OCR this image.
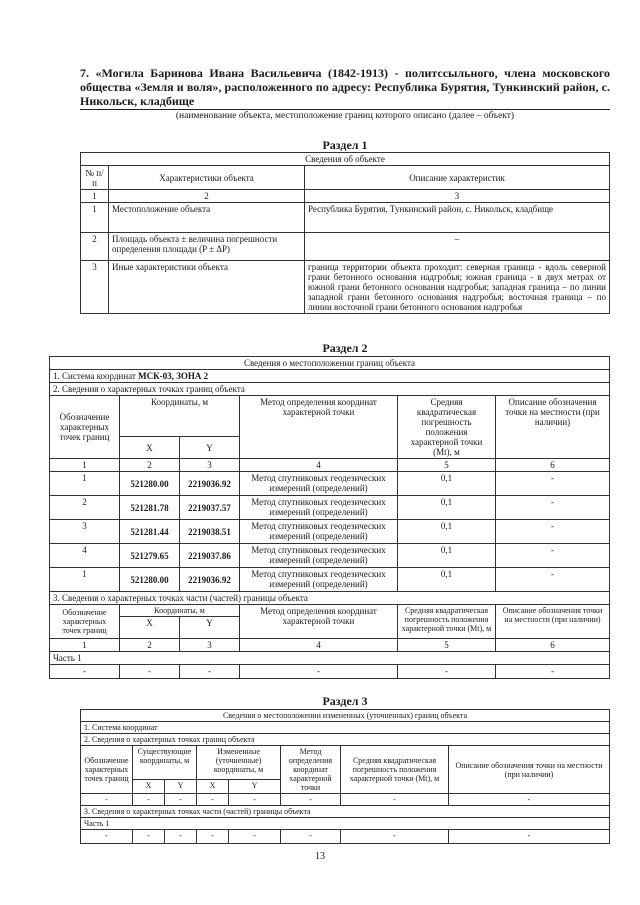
7. «Могила Баринова Ивана Васильевича (1842-1913) - политссыльного, члена московского общества «Земля и воля», расположенного по адресу: Республика Бурятия, Тункинский район, с. Никольск, кладбище
(наименование объекта, местоположение границ которого описано (далее – объект)
Раздел 1
Сведения об объекте		
№ п/п	Характеристики объекта	Описание характеристик
1	2	3
1	Местоположение объекта	Республика Бурятия, Тункинский район, с. Никольск, кладбище
2	Площадь объекта ± величина погрешности определения площади (P ± ΔP)	–
3	Иные характеристики объекта	граница территории объекта проходит: северная граница - вдоль северной грани бетонного основания надгробья; южная граница - в двух метрах от южной грани бетонного основания надгробья; западная граница – по линии западной грани бетонного основания надгробья; восточная граница – по линии восточной грани бетонного основания надгробья
Раздел 2
Сведения о местоположении границ объекта					
1. Система координат МСК-03, ЗОНА 2					
2. Сведения о характерных точках границ объекта					
Обозначение характерных точек границ	Координаты, м		Метод определения координат характерной точки	Средняя квадратическая погрешность положения характерной точки (Mt), м	Описание обозначения точки на местности (при наличии)
	X	Y			
1	2	3	4	5	6
1	521280.00	2219036.92	Метод спутниковых геодезических измерений (определений)	0,1	-
2	521281.78	2219037.57	Метод спутниковых геодезических измерений (определений)	0,1	-
3	521281.44	2219038.51	Метод спутниковых геодезических измерений (определений)	0,1	-
4	521279.65	2219037.86	Метод спутниковых геодезических измерений (определений)	0,1	-
1	521280.00	2219036.92	Метод спутниковых геодезических измерений (определений)	0,1	-
3. Сведения о характерных точках части (частей) границы объекта					
Обозначение характерных точек границ	Координаты, м		Метод определения координат характерной точки	Средняя квадратическая погрешность положения характерной точки (Mt), м	Описание обозначения точки на местности (при наличии)
	X	Y			
1	2	3	4	5	6
Часть 1					
-	-	-	-	-	-
Раздел 3
Сведения о местоположении измененных (уточненных) границ объекта							
1. Система координат							
2. Сведения о характерных точках границ объекта							
Обозначение характерных точек границ	Существующие координаты, м		Измененные (уточненные) координаты, м		Метод определения координат характерной точки	Средняя квадратическая погрешность положения характерной точки (Mt), м	Описание обозначения точки на местности (при наличии)
	X	Y	X	Y			
-	-	-	-	-	-	-	-
3. Сведения о характерных точках части (частей) границы объекта							
Часть 1							
-	-	-	-	-	-	-	-
13
